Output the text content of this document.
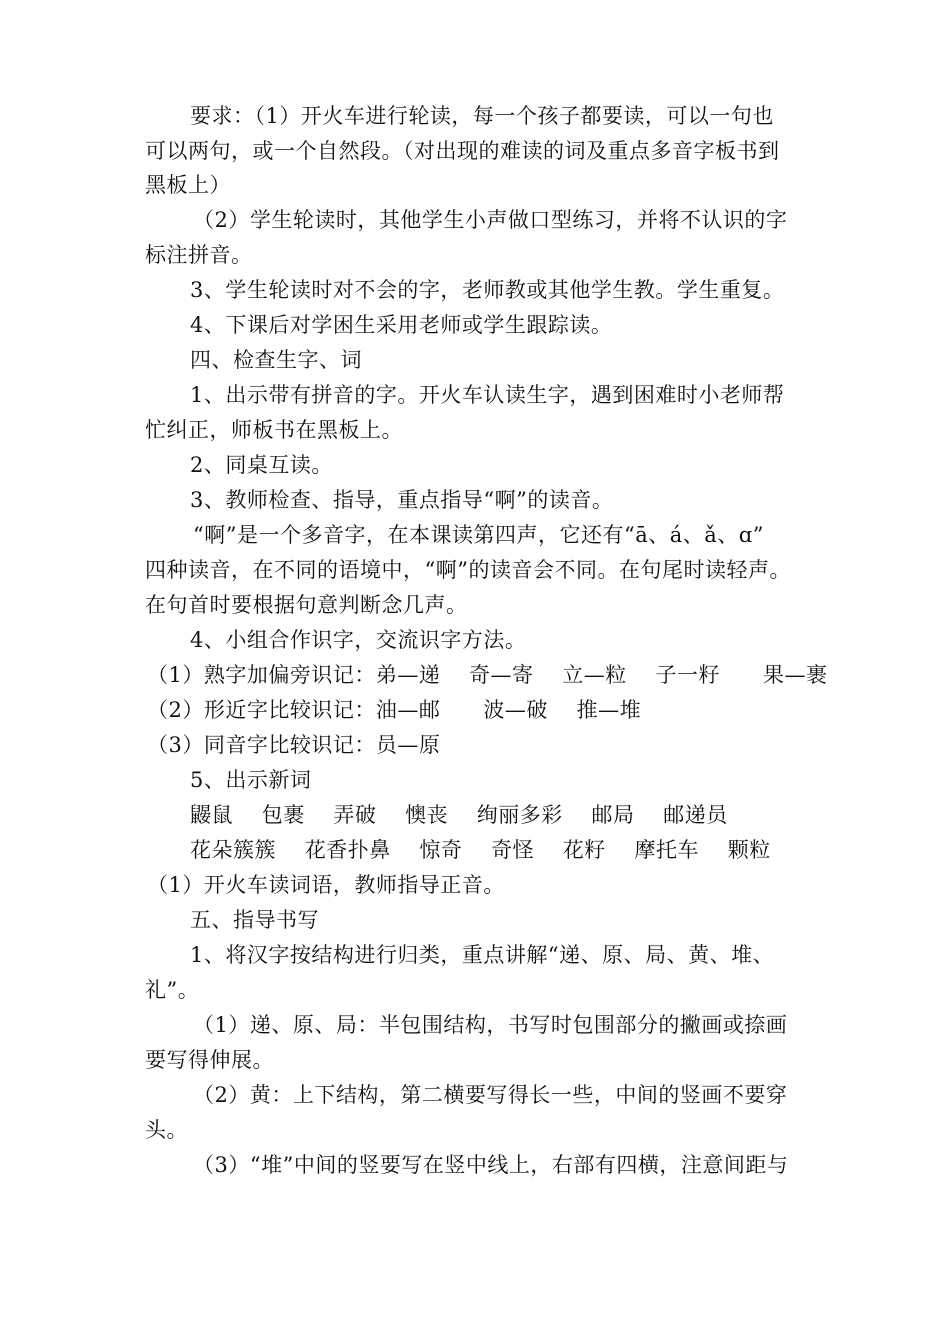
要求：（1）开火车进行轮读，每一个孩子都要读，可以一句也
可以两句，或一个自然段。（对出现的难读的词及重点多音字板书到
黑板上）
（2）学生轮读时，其他学生小声做口型练习，并将不认识的字
标注拼音。
3、学生轮读时对不会的字，老师教或其他学生教。学生重复。
4、下课后对学困生采用老师或学生跟踪读。
四、检查生字、词
1、出示带有拼音的字。开火车认读生字，遇到困难时小老师帮
忙纠正，师板书在黑板上。
2、同桌互读。
3、教师检查、指导，重点指导“啊”的读音。
“啊”是一个多音字，在本课读第四声，它还有“ā、á、ǎ、ɑ”
四种读音，在不同的语境中，“啊”的读音会不同。在句尾时读轻声。
在句首时要根据句意判断念几声。
4、小组合作识字，交流识字方法。
（1）熟字加偏旁识记：弟—递    奇—寄    立—粒    子一籽      果—裹
（2）形近字比较识记：油—邮      波—破    推—堆
（3）同音字比较识记：员—原
5、出示新词
鼹鼠    包裹    弄破    懊丧    绚丽多彩    邮局    邮递员
花朵簇簇    花香扑鼻    惊奇    奇怪    花籽    摩托车    颗粒
（1）开火车读词语，教师指导正音。
五、指导书写
1、将汉字按结构进行归类，重点讲解“递、原、局、黄、堆、
礼”。
（1）递、原、局：半包围结构，书写时包围部分的撇画或捺画
要写得伸展。
（2）黄：上下结构，第二横要写得长一些，中间的竖画不要穿
头。
（3）“堆”中间的竖要写在竖中线上，右部有四横，注意间距与
